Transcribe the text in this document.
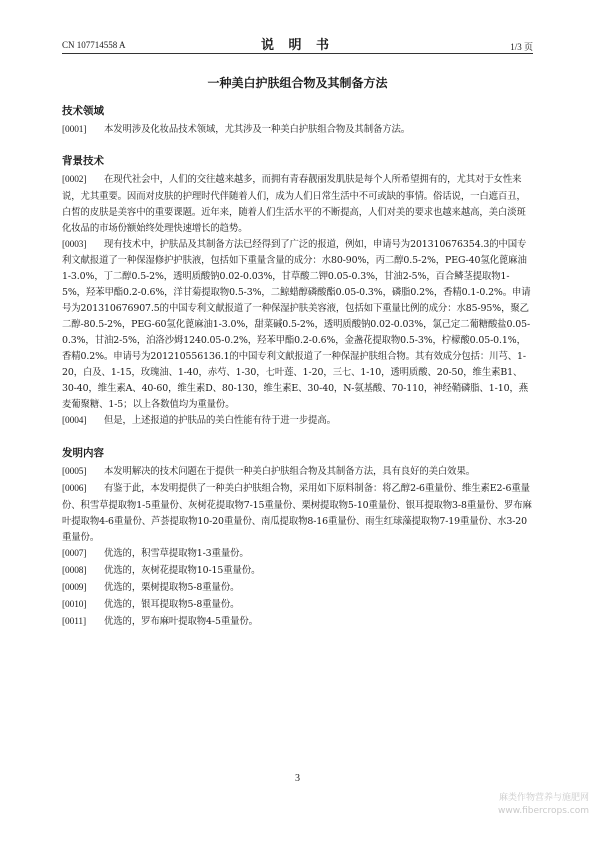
CN 107714558 A	说 明 书	1/3 页
一种美白护肤组合物及其制备方法
技术领域

[0001] 本发明涉及化妆品技术领域，尤其涉及一种美白护肤组合物及其制备方法。

背景技术

[0002] 在现代社会中，人们的交往越来越多，而拥有青春靓丽发肌肤是每个人所希望拥有的，尤其对于女性来说，尤其重要。因而对皮肤的护理时代伴随着人们，成为人们日常生活中不可或缺的事情。俗话说，一白遮百丑，白皙的皮肤是美容中的重要课题。近年来，随着人们生活水平的不断提高，人们对美的要求也越来越高，美白淡斑化妆品的市场份额始终处理快速增长的趋势。

[0003] 现有技术中，护肤品及其制备方法已经得到了广泛的报道，例如，申请号为201310676354.3的中国专利文献报道了一种保湿修护护肤液，包括如下重量含量的成分：水80-90%，丙二醇0.5-2%，PEG-40氢化蓖麻油1-3.0%，丁二醇0.5-2%，透明质酸钠0.02-0.03%，甘草酸二钾0.05-0.3%，甘油2-5%，百合鳞茎提取物1-5%，羟苯甲酯0.2-0.6%，洋甘菊提取物0.5-3%，二鲸蜡醇磷酸酯0.05-0.3%，磷脂0.2%，香精0.1-0.2%。申请号为201310676907.5的中国专利文献报道了一种保湿护肤美容液，包括如下重量比例的成分：水85-95%，聚乙二醇-80.5-2%，PEG-60氢化蓖麻油1-3.0%，甜菜碱0.5-2%，透明质酸钠0.02-0.03%，氯己定二葡糖酸盐0.05-0.3%，甘油2-5%，泊洛沙姆1240.05-0.2%，羟苯甲酯0.2-0.6%，金盏花提取物0.5-3%，柠檬酸0.05-0.1%，香精0.2%。申请号为201210556136.1的中国专利文献报道了一种保湿护肤组合物。其有效成分包括：川芎、1-20，白及、1-15，玫瑰油、1-40，赤芍、1-30，七叶莲、1-20，三七、1-10，透明质酸、20-50，维生素B1、30-40，维生素A、40-60，维生素D、80-130，维生素E、30-40，N-氨基酸、70-110，神经鞘磷脂、1-10，燕麦葡聚糖、1-5；以上各数值均为重量份。

[0004] 但是，上述报道的护肤品的美白性能有待于进一步提高。

发明内容

[0005] 本发明解决的技术问题在于提供一种美白护肤组合物及其制备方法，具有良好的美白效果。

[0006] 有鉴于此，本发明提供了一种美白护肤组合物，采用如下原料制备：将乙醇2-6重量份、维生素E2-6重量份、积雪草提取物1-5重量份、灰树花提取物7-15重量份、栗树提取物5-10重量份、银耳提取物3-8重量份、罗布麻叶提取物4-6重量份、芦荟提取物10-20重量份、南瓜提取物8-16重量份、雨生红球藻提取物7-19重量份、水3-20重量份。

[0007] 优选的，积雪草提取物1-3重量份。

[0008] 优选的，灰树花提取物10-15重量份。

[0009] 优选的，栗树提取物5-8重量份。

[0010] 优选的，银耳提取物5-8重量份。

[0011] 优选的，罗布麻叶提取物4-5重量份。

3
麻类作物营养与施肥网
www.fibercrops.com
